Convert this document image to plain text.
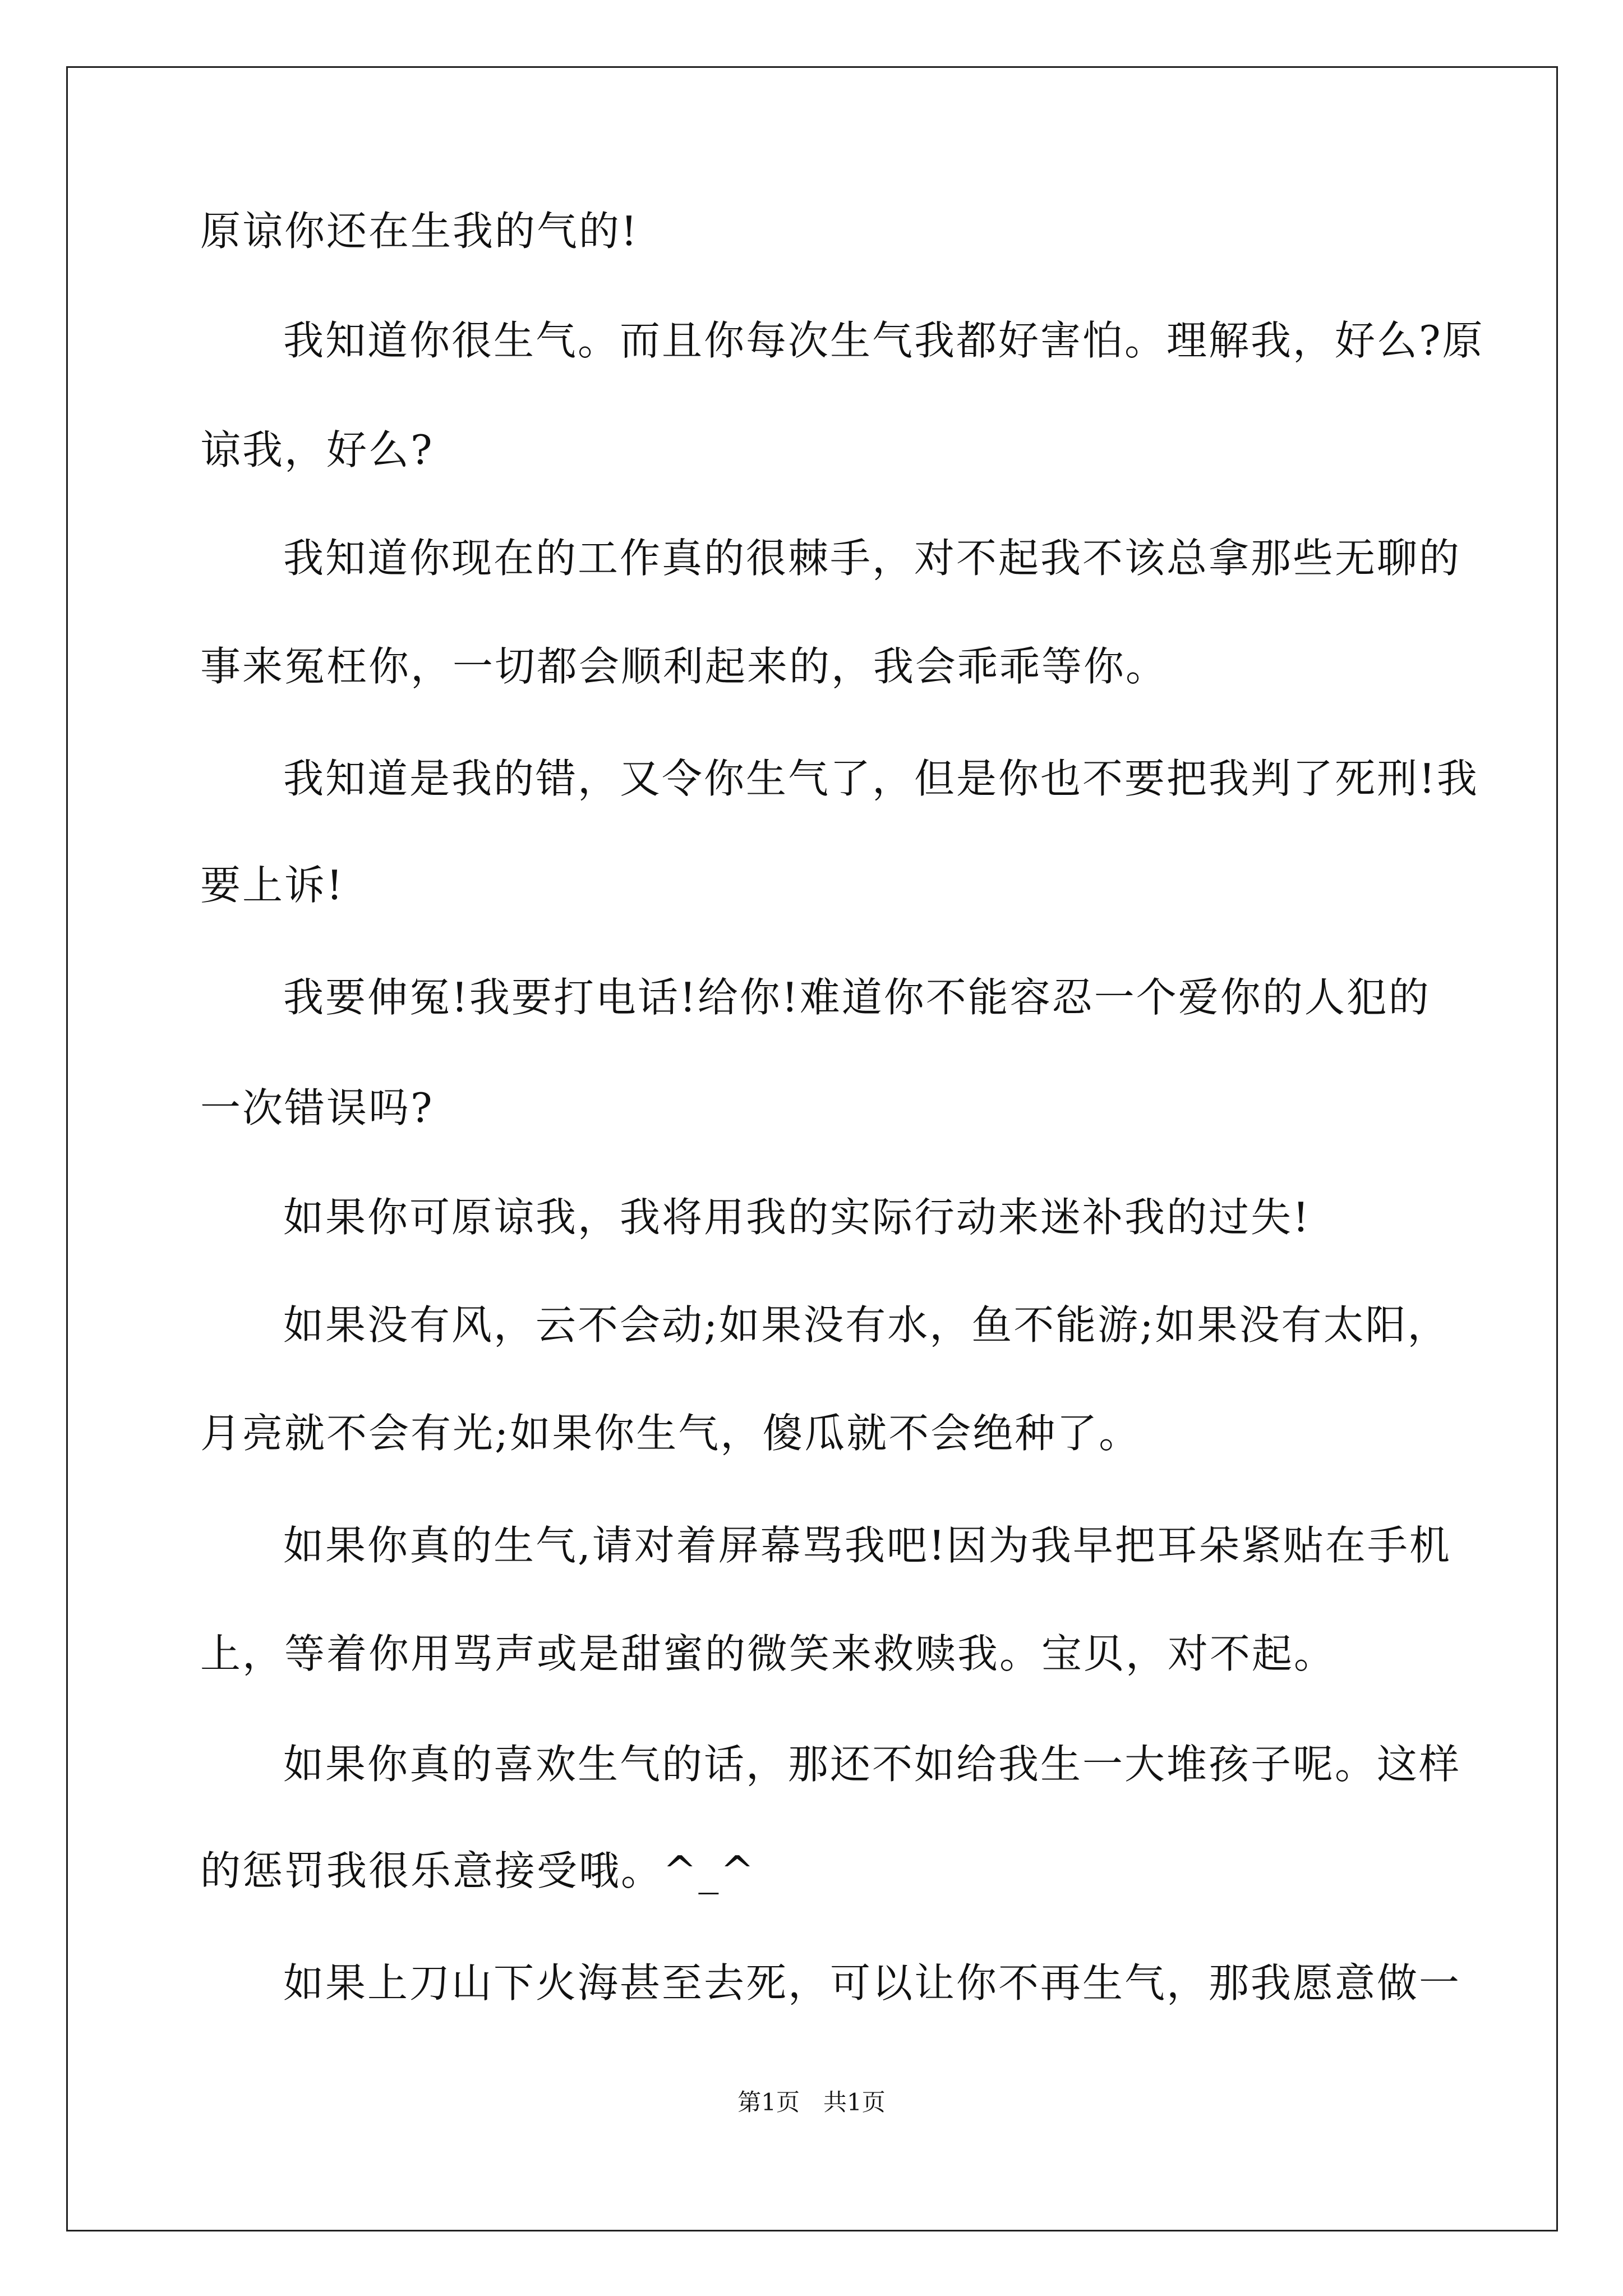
原谅你还在生我的气的!
我知道你很生气。而且你每次生气我都好害怕。理解我，好么?原
谅我，好么?
我知道你现在的工作真的很棘手，对不起我不该总拿那些无聊的
事来冤枉你，一切都会顺利起来的，我会乖乖等你。
我知道是我的错，又令你生气了，但是你也不要把我判了死刑!我
要上诉!
我要伸冤!我要打电话!给你!难道你不能容忍一个爱你的人犯的
一次错误吗?
如果你可原谅我，我将用我的实际行动来迷补我的过失!
如果没有风，云不会动;如果没有水，鱼不能游;如果没有太阳，
月亮就不会有光;如果你生气，傻瓜就不会绝种了。
如果你真的生气,请对着屏幕骂我吧!因为我早把耳朵紧贴在手机
上，等着你用骂声或是甜蜜的微笑来救赎我。宝贝，对不起。
如果你真的喜欢生气的话，那还不如给我生一大堆孩子呢。这样
的惩罚我很乐意接受哦。^_^
如果上刀山下火海甚至去死，可以让你不再生气，那我愿意做一
第1页　共1页
